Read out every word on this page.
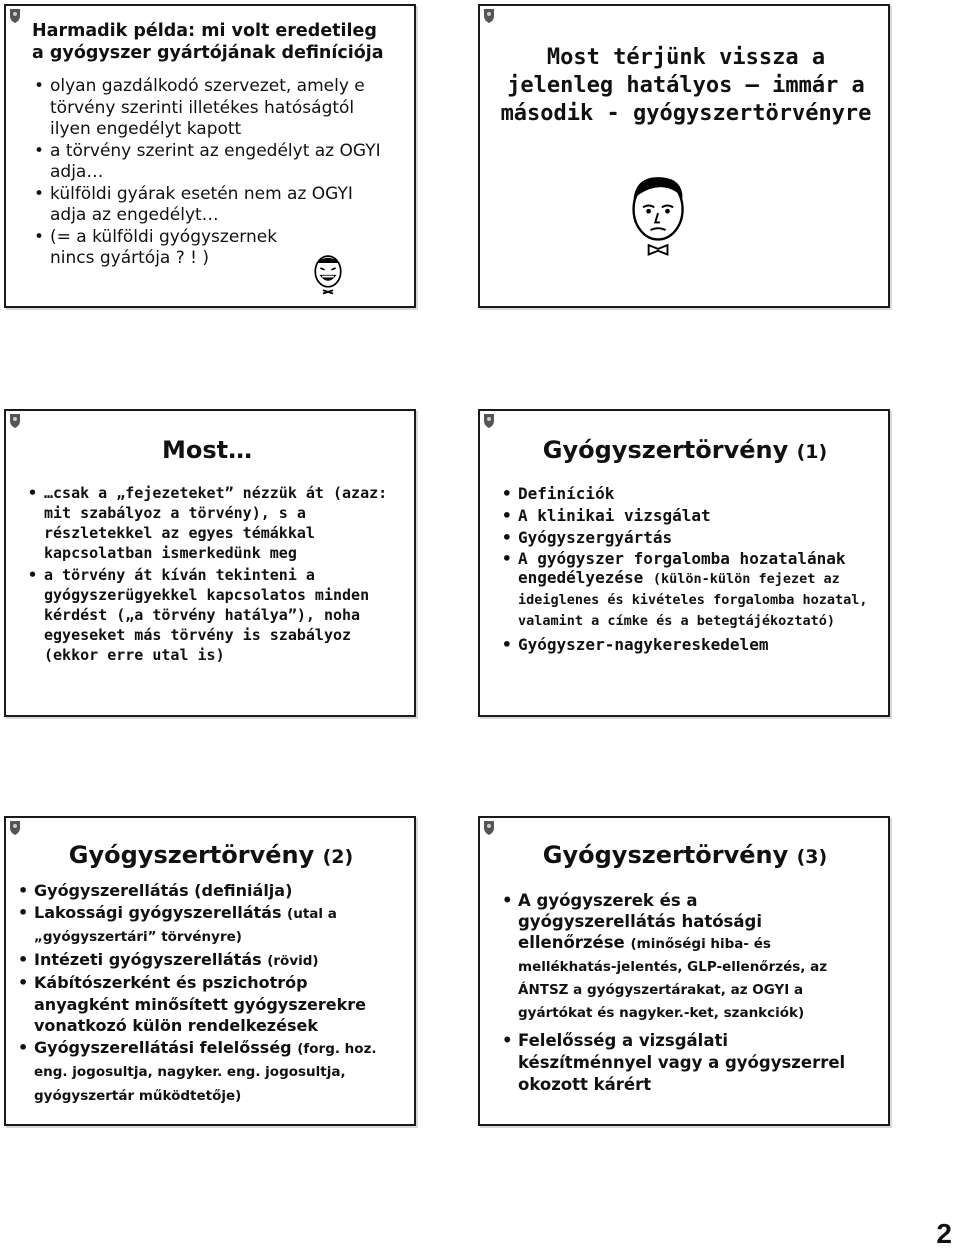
Harmadik példa: mi volt eredetileg a gyógyszer gyártójának definíciója
• olyan gazdálkodó szervezet, amely e törvény szerinti illetékes hatóságtól ilyen engedélyt kapott
• a törvény szerint az engedélyt az OGYI adja…
• külföldi gyárak esetén nem az OGYI adja az engedélyt…
• (= a külföldi gyógyszernek nincs gyártója ? ! )
Most térjünk vissza a jelenleg hatályos – immár a második - gyógyszertörvényre
Most…
• …csak a „fejezeteket” nézzük át (azaz: mit szabályoz a törvény), s a részletekkel az egyes témákkal kapcsolatban ismerkedünk meg
• a törvény át kíván tekinteni a gyógyszerügyekkel kapcsolatos minden kérdést („a törvény hatálya”), noha egyeseket más törvény is szabályoz (ekkor erre utal is)
Gyógyszertörvény (1)
• Definíciók
• A klinikai vizsgálat
• Gyógyszergyártás
• A gyógyszer forgalomba hozatalának engedélyezése (külön-külön fejezet az ideiglenes és kivételes forgalomba hozatal, valamint a címke és a betegtájékoztató)
• Gyógyszer-nagykereskedelem
Gyógyszertörvény (2)
• Gyógyszerellátás (definiálja)
• Lakossági gyógyszerellátás (utal a „gyógyszertári” törvényre)
• Intézeti gyógyszerellátás (rövid)
• Kábítószerként és pszichotróp anyagként minősített gyógyszerekre vonatkozó külön rendelkezések
• Gyógyszerellátási felelősség (forg. hoz. eng. jogosultja, nagyker. eng. jogosultja, gyógyszertár működtetője)
Gyógyszertörvény (3)
• A gyógyszerek és a gyógyszerellátás hatósági ellenőrzése (minőségi hiba- és mellékhatás-jelentés, GLP-ellenőrzés, az ÁNTSZ a gyógyszertárakat, az OGYI a gyártókat és nagyker.-ket, szankciók)
• Felelősség a vizsgálati készítménnyel vagy a gyógyszerrel okozott kárért
2
